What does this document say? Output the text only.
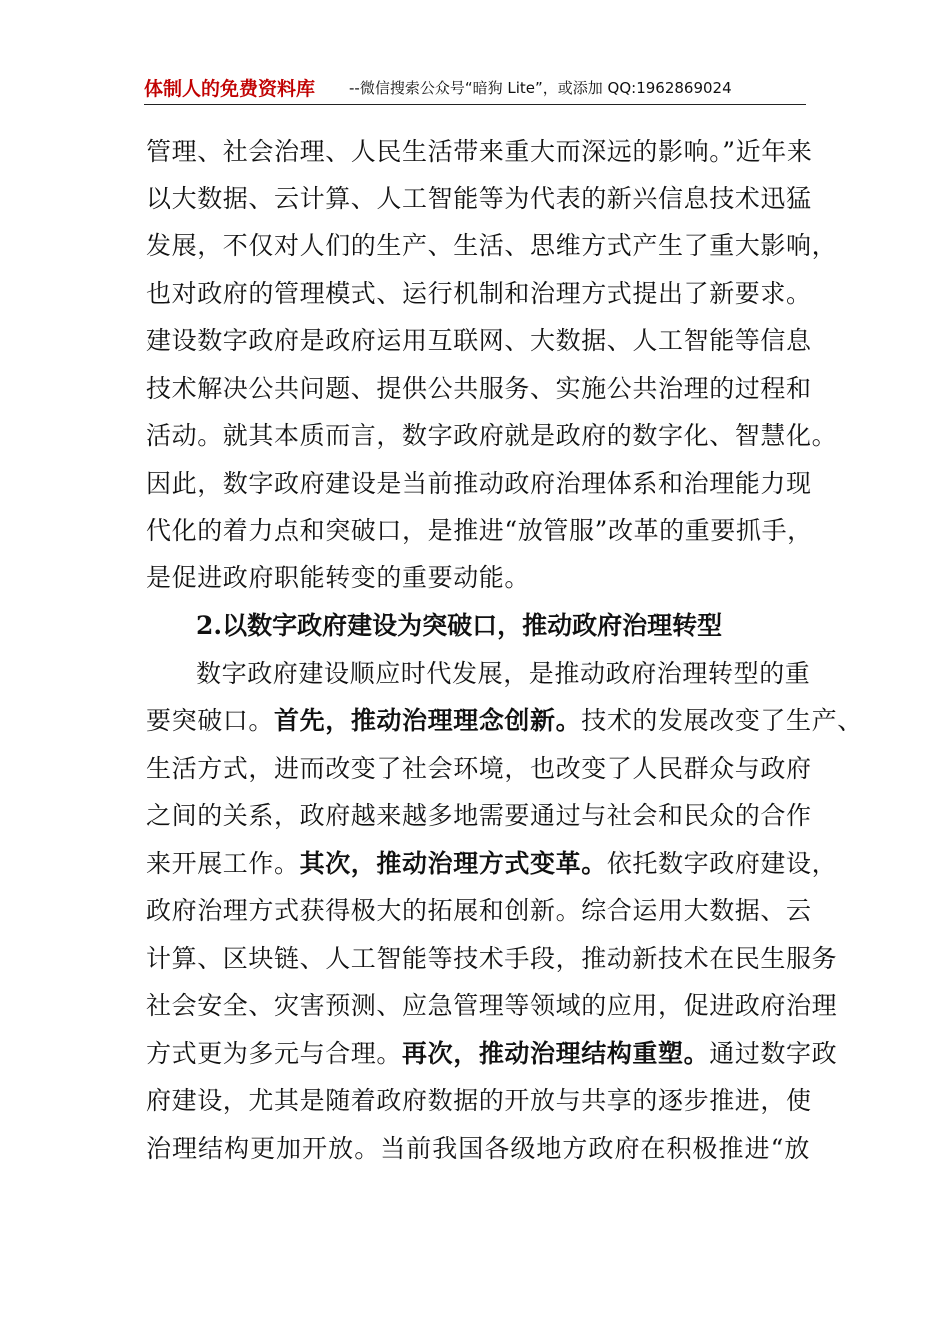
体制人的免费资料库 --微信搜索公众号“暗狗 Lite”，或添加 QQ:1962869024
管理、社会治理、人民生活带来重大而深远的影响。”近年来
以大数据、云计算、人工智能等为代表的新兴信息技术迅猛
发展，不仅对人们的生产、生活、思维方式产生了重大影响，
也对政府的管理模式、运行机制和治理方式提出了新要求。
建设数字政府是政府运用互联网、大数据、人工智能等信息
技术解决公共问题、提供公共服务、实施公共治理的过程和
活动。就其本质而言，数字政府就是政府的数字化、智慧化。
因此，数字政府建设是当前推动政府治理体系和治理能力现
代化的着力点和突破口，是推进“放管服”改革的重要抓手，
是促进政府职能转变的重要动能。
2.以数字政府建设为突破口，推动政府治理转型
数字政府建设顺应时代发展，是推动政府治理转型的重
要突破口。首先，推动治理理念创新。技术的发展改变了生产、
生活方式，进而改变了社会环境，也改变了人民群众与政府
之间的关系，政府越来越多地需要通过与社会和民众的合作
来开展工作。其次，推动治理方式变革。依托数字政府建设，
政府治理方式获得极大的拓展和创新。综合运用大数据、云
计算、区块链、人工智能等技术手段，推动新技术在民生服务
社会安全、灾害预测、应急管理等领域的应用，促进政府治理
方式更为多元与合理。再次，推动治理结构重塑。通过数字政
府建设，尤其是随着政府数据的开放与共享的逐步推进，使
治理结构更加开放。当前我国各级地方政府在积极推进“放
